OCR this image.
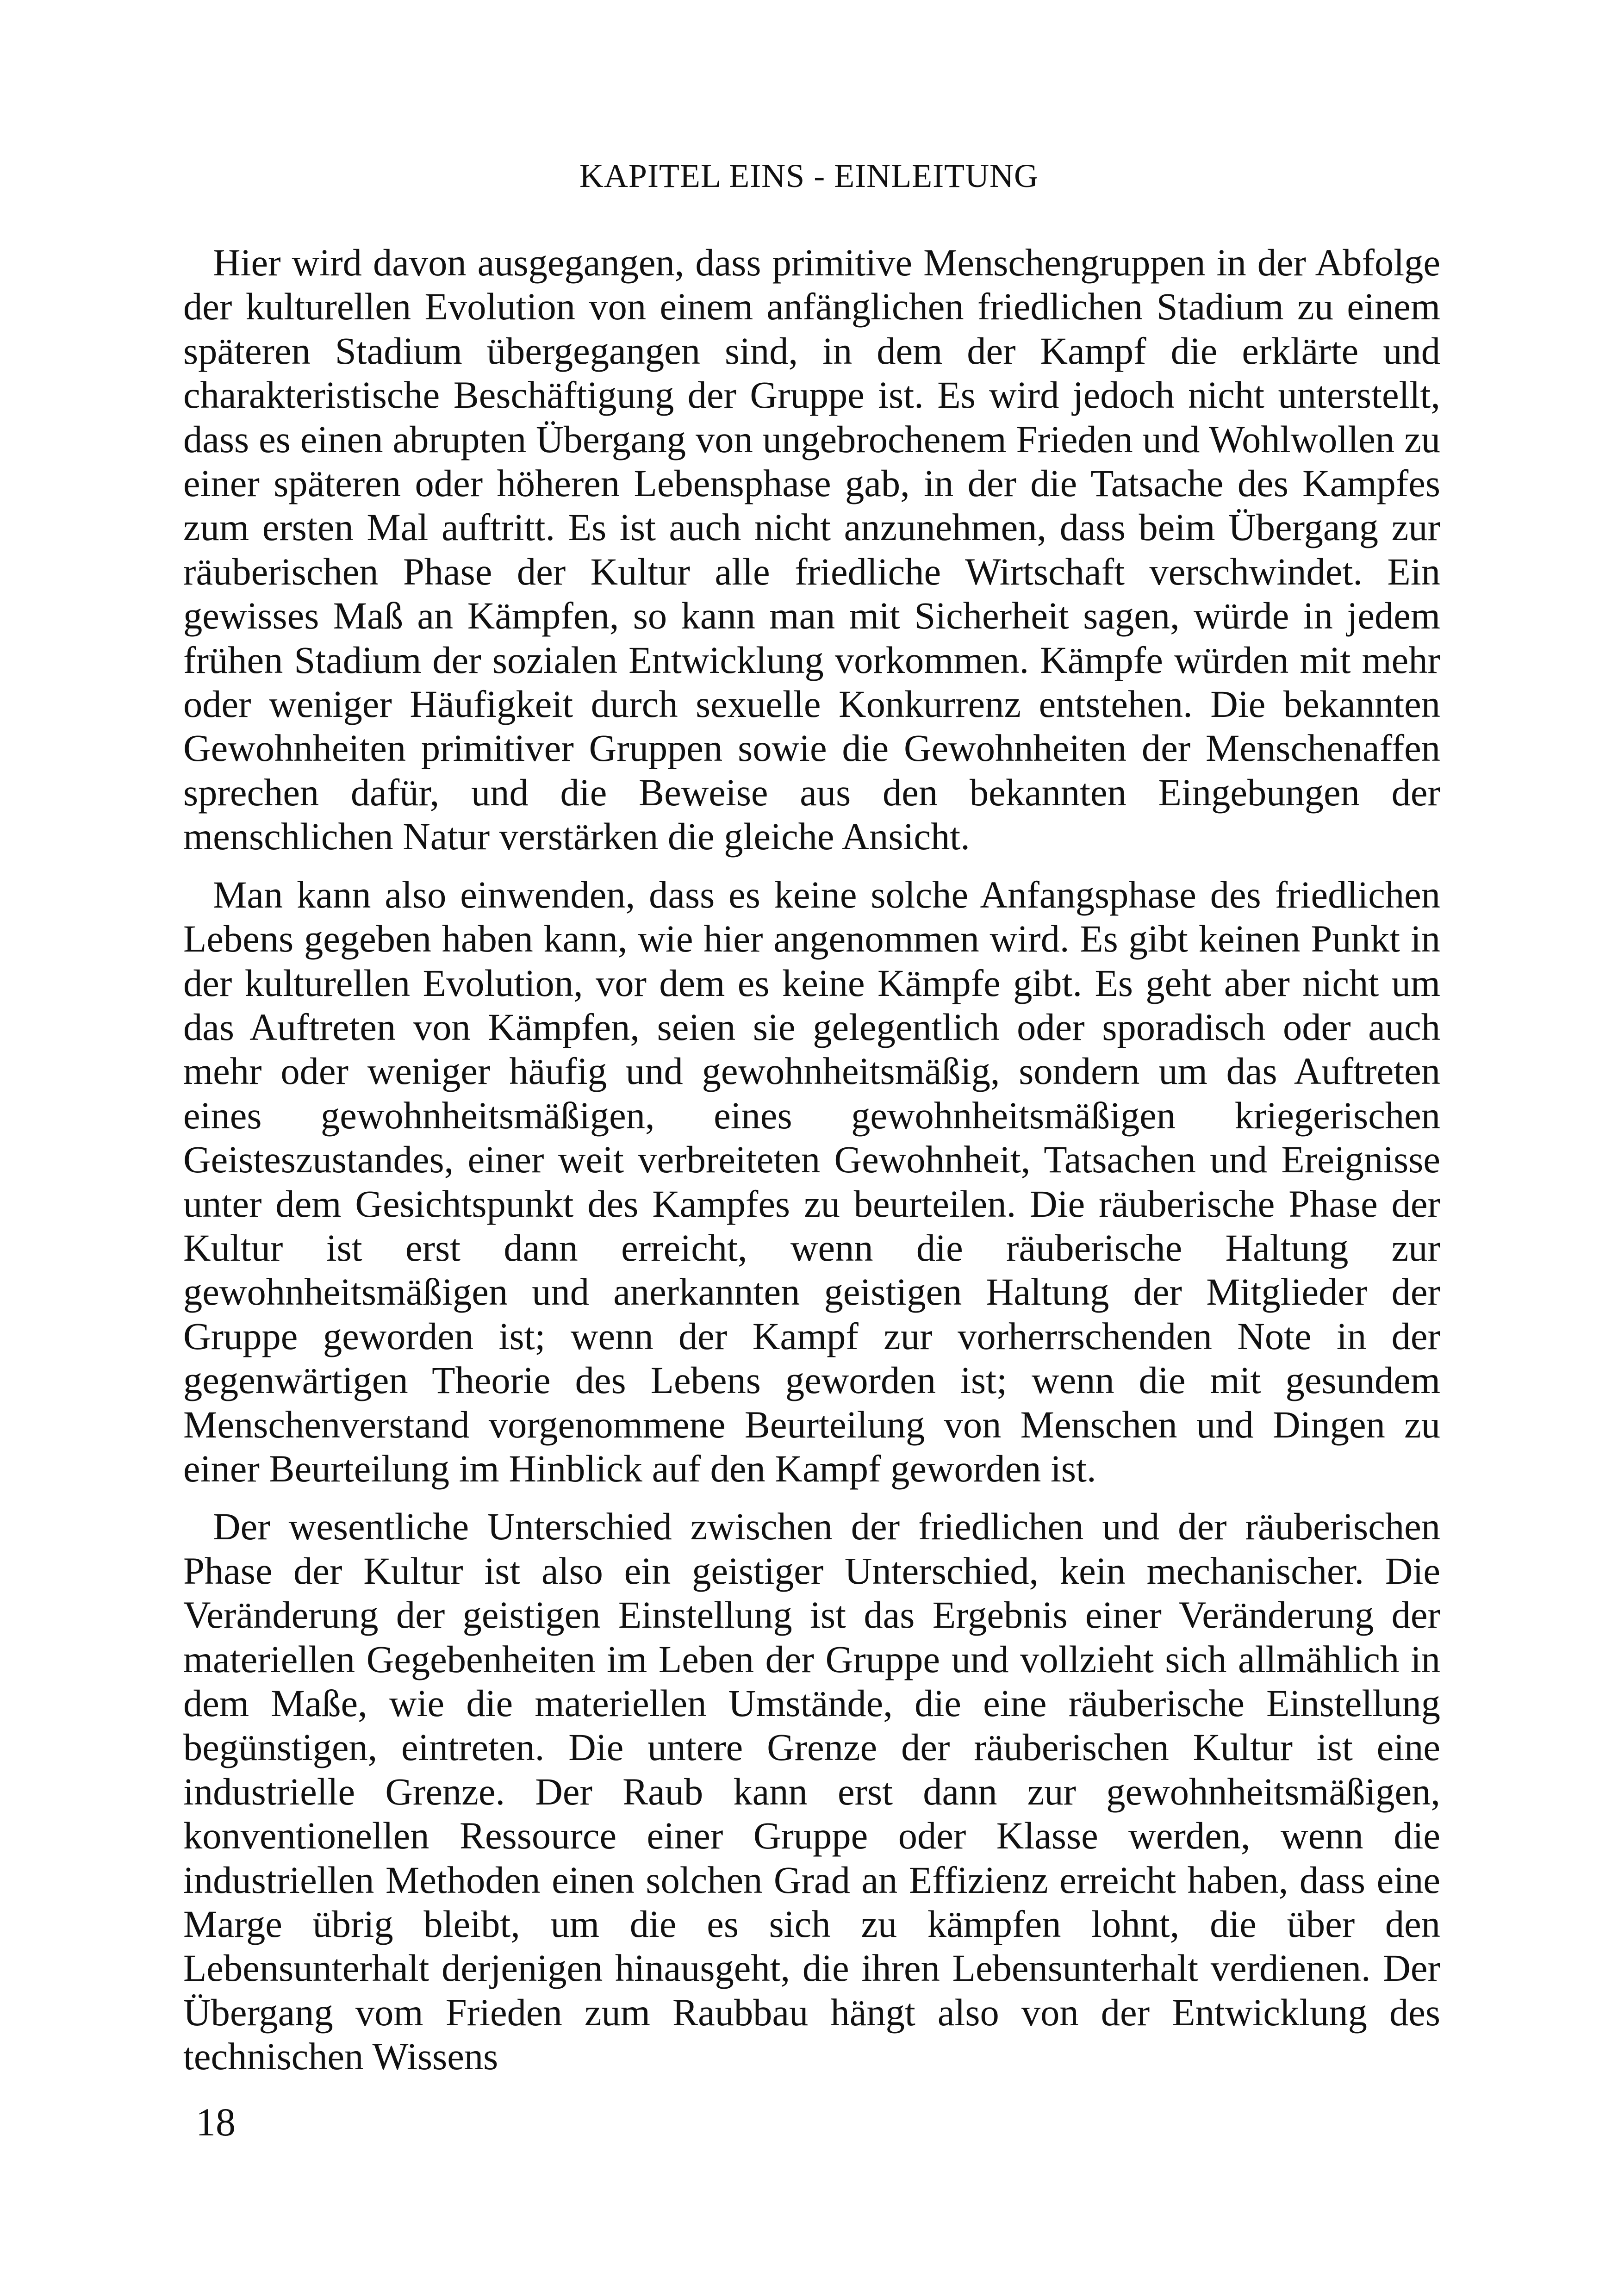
KAPITEL EINS - EINLEITUNG

Hier wird davon ausgegangen, dass primitive Menschengruppen in der Abfolge der kulturellen Evolution von einem anfänglichen friedlichen Stadium zu einem späteren Stadium übergegangen sind, in dem der Kampf die erklärte und charakteristische Beschäftigung der Gruppe ist. Es wird jedoch nicht unterstellt, dass es einen abrupten Übergang von ungebrochenem Frieden und Wohlwollen zu einer späteren oder höheren Lebensphase gab, in der die Tatsache des Kampfes zum ersten Mal auftritt. Es ist auch nicht anzunehmen, dass beim Übergang zur räuberischen Phase der Kultur alle friedliche Wirtschaft verschwindet. Ein gewisses Maß an Kämpfen, so kann man mit Sicherheit sagen, würde in jedem frühen Stadium der sozialen Entwicklung vorkommen. Kämpfe würden mit mehr oder weniger Häufigkeit durch sexuelle Konkurrenz entstehen. Die bekannten Gewohnheiten primitiver Gruppen sowie die Gewohnheiten der Menschenaffen sprechen dafür, und die Beweise aus den bekannten Eingebungen der menschlichen Natur verstärken die gleiche Ansicht.

Man kann also einwenden, dass es keine solche Anfangsphase des friedlichen Lebens gegeben haben kann, wie hier angenommen wird. Es gibt keinen Punkt in der kulturellen Evolution, vor dem es keine Kämpfe gibt. Es geht aber nicht um das Auftreten von Kämpfen, seien sie gelegentlich oder sporadisch oder auch mehr oder weniger häufig und gewohnheitsmäßig, sondern um das Auftreten eines gewohnheitsmäßigen, eines gewohnheitsmäßigen kriegerischen Geisteszustandes, einer weit verbreiteten Gewohnheit, Tatsachen und Ereignisse unter dem Gesichtspunkt des Kampfes zu beurteilen. Die räuberische Phase der Kultur ist erst dann erreicht, wenn die räuberische Haltung zur gewohnheitsmäßigen und anerkannten geistigen Haltung der Mitglieder der Gruppe geworden ist; wenn der Kampf zur vorherrschenden Note in der gegenwärtigen Theorie des Lebens geworden ist; wenn die mit gesundem Menschenverstand vorgenommene Beurteilung von Menschen und Dingen zu einer Beurteilung im Hinblick auf den Kampf geworden ist.

Der wesentliche Unterschied zwischen der friedlichen und der räuberischen Phase der Kultur ist also ein geistiger Unterschied, kein mechanischer. Die Veränderung der geistigen Einstellung ist das Ergebnis einer Veränderung der materiellen Gegebenheiten im Leben der Gruppe und vollzieht sich allmählich in dem Maße, wie die materiellen Umstände, die eine räuberische Einstellung begünstigen, eintreten. Die untere Grenze der räuberischen Kultur ist eine industrielle Grenze. Der Raub kann erst dann zur gewohnheitsmäßigen, konventionellen Ressource einer Gruppe oder Klasse werden, wenn die industriellen Methoden einen solchen Grad an Effizienz erreicht haben, dass eine Marge übrig bleibt, um die es sich zu kämpfen lohnt, die über den Lebensunterhalt derjenigen hinausgeht, die ihren Lebensunterhalt verdienen. Der Übergang vom Frieden zum Raubbau hängt also von der Entwicklung des technischen Wissens

18
